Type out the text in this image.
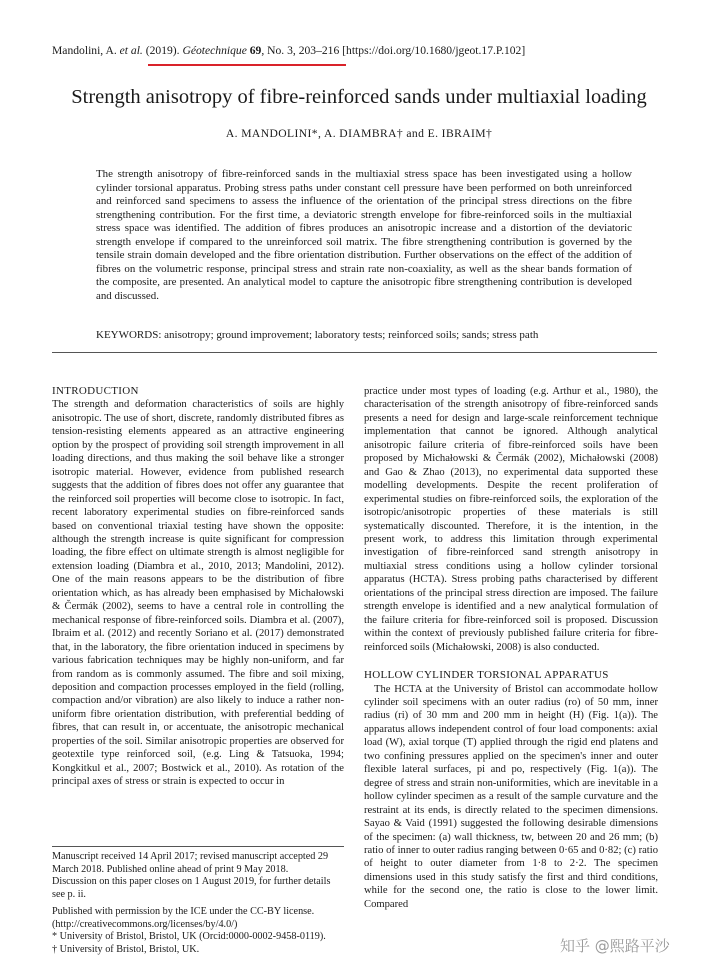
Mandolini, A. et al. (2019). Géotechnique 69, No. 3, 203–216 [https://doi.org/10.1680/jgeot.17.P.102]
Strength anisotropy of fibre-reinforced sands under multiaxial loading
A. MANDOLINI*, A. DIAMBRA† and E. IBRAIM†
The strength anisotropy of fibre-reinforced sands in the multiaxial stress space has been investigated using a hollow cylinder torsional apparatus. Probing stress paths under constant cell pressure have been performed on both unreinforced and reinforced sand specimens to assess the influence of the orientation of the principal stress directions on the fibre strengthening contribution. For the first time, a deviatoric strength envelope for fibre-reinforced soils in the multiaxial stress space was identified. The addition of fibres produces an anisotropic increase and a distortion of the deviatoric strength envelope if compared to the unreinforced soil matrix. The fibre strengthening contribution is governed by the tensile strain domain developed and the fibre orientation distribution. Further observations on the effect of the addition of fibres on the volumetric response, principal stress and strain rate non-coaxiality, as well as the shear bands formation of the composite, are presented. An analytical model to capture the anisotropic fibre strengthening contribution is developed and discussed.
KEYWORDS: anisotropy; ground improvement; laboratory tests; reinforced soils; sands; stress path

INTRODUCTION

The strength and deformation characteristics of soils are highly anisotropic. The use of short, discrete, randomly distributed fibres as tension-resisting elements appeared as an attractive engineering option by the prospect of providing soil strength improvement in all loading directions, and thus making the soil behave like a stronger isotropic material. However, evidence from published research suggests that the addition of fibres does not offer any guarantee that the reinforced soil properties will become close to isotropic. In fact, recent laboratory experimental studies on fibre-reinforced sands based on conventional triaxial testing have shown the opposite: although the strength increase is quite significant for compression loading, the fibre effect on ultimate strength is almost negligible for extension loading (Diambra et al., 2010, 2013; Mandolini, 2012). One of the main reasons appears to be the distribution of fibre orientation which, as has already been emphasised by Michałowski & Čermák (2002), seems to have a central role in controlling the mechanical response of fibre-reinforced soils. Diambra et al. (2007), Ibraim et al. (2012) and recently Soriano et al. (2017) demonstrated that, in the laboratory, the fibre orientation induced in specimens by various fabrication techniques may be highly non-uniform, and far from random as is commonly assumed. The fibre and soil mixing, deposition and compaction processes employed in the field (rolling, compaction and/or vibration) are also likely to induce a rather non-uniform fibre orientation distribution, with preferential bedding of fibres, that can result in, or accentuate, the anisotropic mechanical properties of the soil. Similar anisotropic properties are observed for geotextile type reinforced soil, (e.g. Ling & Tatsuoka, 1994; Kongkitkul et al., 2007; Bostwick et al., 2010). As rotation of the principal axes of stress or strain is expected to occur in

practice under most types of loading (e.g. Arthur et al., 1980), the characterisation of the strength anisotropy of fibre-reinforced sands presents a need for design and large-scale reinforcement technique implementation that cannot be ignored. Although analytical anisotropic failure criteria of fibre-reinforced soils have been proposed by Michałowski & Čermák (2002), Michałowski (2008) and Gao & Zhao (2013), no experimental data supported these modelling developments. Despite the recent proliferation of experimental studies on fibre-reinforced soils, the exploration of the isotropic/anisotropic properties of these materials is still systematically discounted. Therefore, it is the intention, in the present work, to address this limitation through experimental investigation of fibre-reinforced sand strength anisotropy in multiaxial stress conditions using a hollow cylinder torsional apparatus (HCTA). Stress probing paths characterised by different orientations of the principal stress direction are imposed. The failure strength envelope is identified and a new analytical formulation of the failure criteria for fibre-reinforced soil is proposed. Discussion within the context of previously published failure criteria for fibre-reinforced soils (Michałowski, 2008) is also conducted.

HOLLOW CYLINDER TORSIONAL APPARATUS

The HCTA at the University of Bristol can accommodate hollow cylinder soil specimens with an outer radius (ro) of 50 mm, inner radius (ri) of 30 mm and 200 mm in height (H) (Fig. 1(a)). The apparatus allows independent control of four load components: axial load (W), axial torque (T) applied through the rigid end platens and two confining pressures applied on the specimen's inner and outer flexible lateral surfaces, pi and po, respectively (Fig. 1(a)). The degree of stress and strain non-uniformities, which are inevitable in a hollow cylinder specimen as a result of the sample curvature and the restraint at its ends, is directly related to the specimen dimensions. Sayao & Vaid (1991) suggested the following desirable dimensions of the specimen: (a) wall thickness, tw, between 20 and 26 mm; (b) ratio of inner to outer radius ranging between 0·65 and 0·82; (c) ratio of height to outer diameter from 1·8 to 2·2. The specimen dimensions used in this study satisfy the first and third conditions, while for the second one, the ratio is close to the lower limit. Compared

Manuscript received 14 April 2017; revised manuscript accepted 29 March 2018. Published online ahead of print 9 May 2018.

Discussion on this paper closes on 1 August 2019, for further details see p. ii.

Published with permission by the ICE under the CC-BY license. (http://creativecommons.org/licenses/by/4.0/)

* University of Bristol, Bristol, UK (Orcid:0000-0002-9458-0119).

† University of Bristol, Bristol, UK.	知乎 @熙路平沙
